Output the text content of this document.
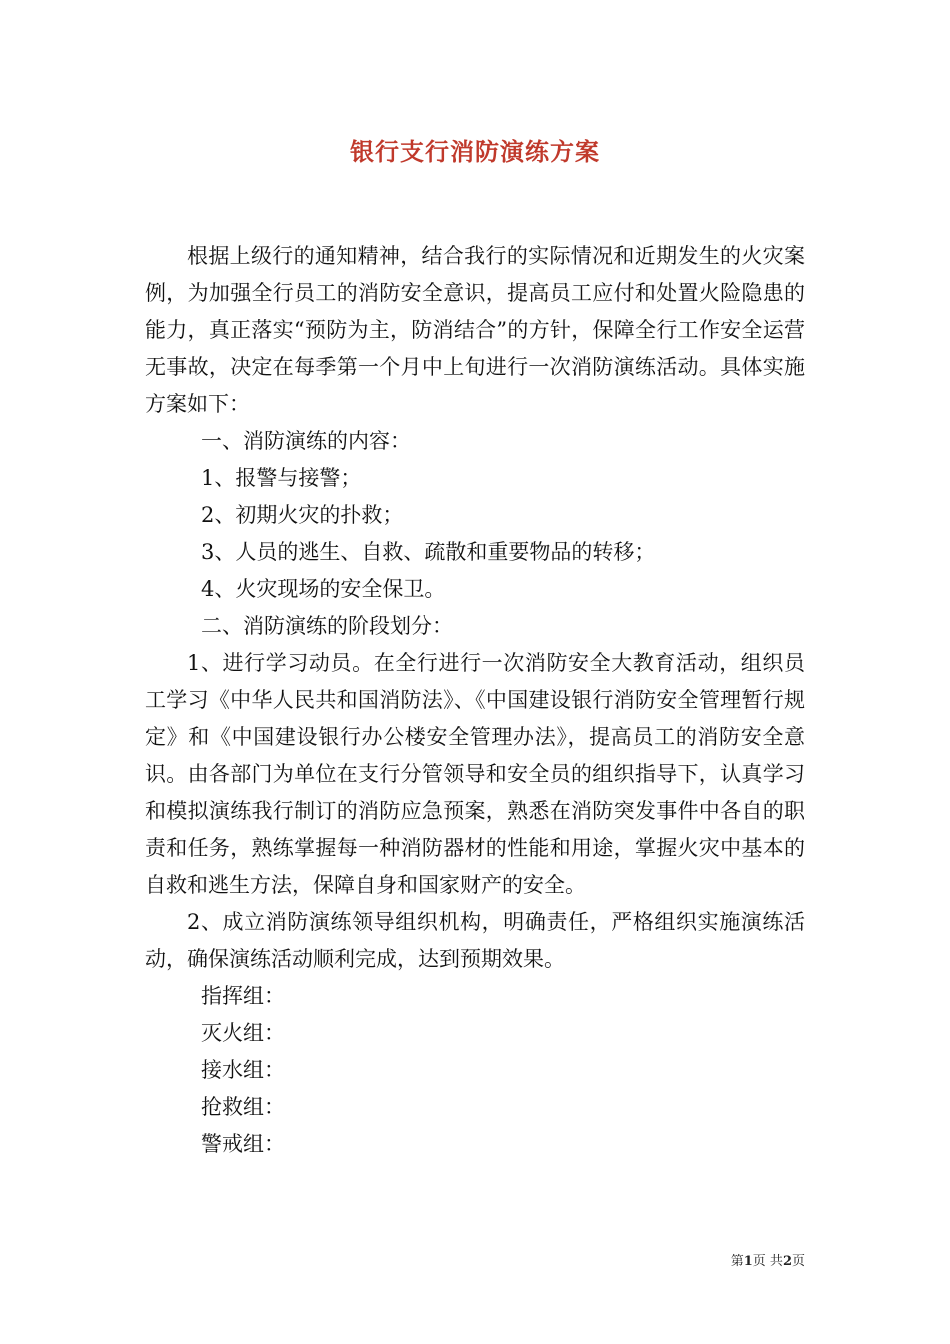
银行支行消防演练方案

根据上级行的通知精神，结合我行的实际情况和近期发生的火灾案例，为加强全行员工的消防安全意识，提高员工应付和处置火险隐患的能力，真正落实“预防为主，防消结合”的方针，保障全行工作安全运营无事故，决定在每季第一个月中上旬进行一次消防演练活动。具体实施方案如下：

一、消防演练的内容：

1、报警与接警；

2、初期火灾的扑救；

3、人员的逃生、自救、疏散和重要物品的转移；

4、火灾现场的安全保卫。

二、消防演练的阶段划分：

1、进行学习动员。在全行进行一次消防安全大教育活动，组织员工学习《中华人民共和国消防法》、《中国建设银行消防安全管理暂行规定》和《中国建设银行办公楼安全管理办法》，提高员工的消防安全意识。由各部门为单位在支行分管领导和安全员的组织指导下，认真学习和模拟演练我行制订的消防应急预案，熟悉在消防突发事件中各自的职责和任务，熟练掌握每一种消防器材的性能和用途，掌握火灾中基本的自救和逃生方法，保障自身和国家财产的安全。

2、成立消防演练领导组织机构，明确责任，严格组织实施演练活动，确保演练活动顺利完成，达到预期效果。

指挥组：

灭火组：

接水组：

抢救组：

警戒组：

第1页 共2页
